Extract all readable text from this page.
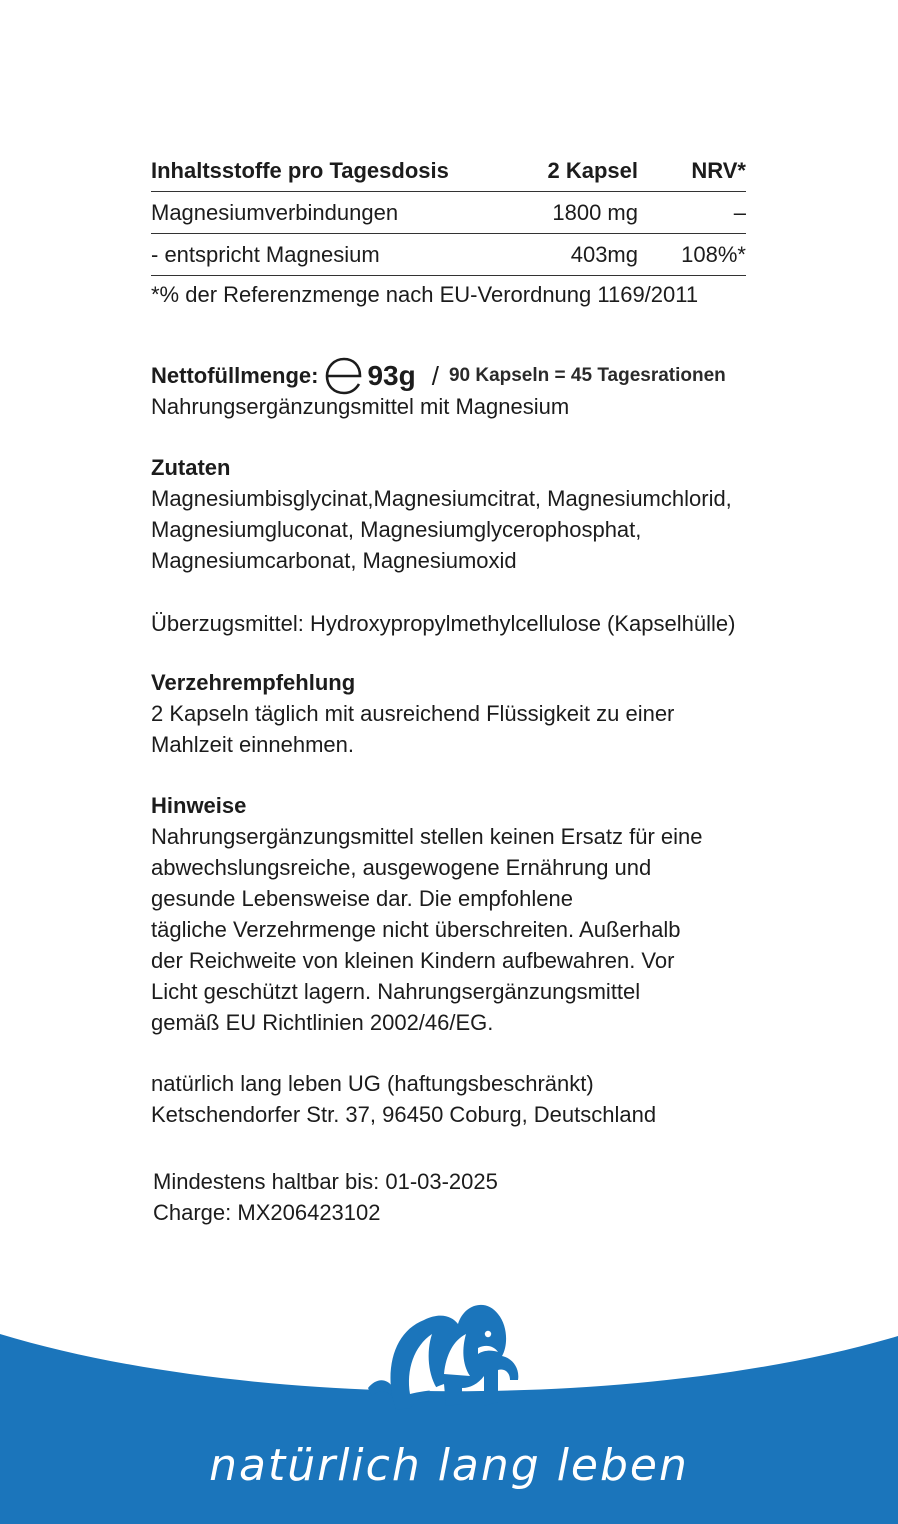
Inhaltsstoffe pro Tagesdosis	2 Kapsel	NRV*
Magnesiumverbindungen	1800 mg	–
- entspricht Magnesium	403mg	108%*
*% der Referenzmenge nach EU-Verordnung 1169/2011
Nettofüllmenge: 93g / 90 Kapseln = 45 Tagesrationen
Nahrungsergänzungsmittel mit Magnesium
Zutaten

Magnesiumbisglycinat,Magnesiumcitrat, Magnesiumchlorid,
Magnesiumgluconat, Magnesiumglycerophosphat,
Magnesiumcarbonat, Magnesiumoxid

Überzugsmittel: Hydroxypropylmethylcellulose (Kapselhülle)
Verzehrempfehlung

2 Kapseln täglich mit ausreichend Flüssigkeit zu einer
Mahlzeit einnehmen.

Hinweise

Nahrungsergänzungsmittel stellen keinen Ersatz für eine
abwechslungsreiche, ausgewogene Ernährung und
gesunde Lebensweise dar. Die empfohlene
tägliche Verzehrmenge nicht überschreiten. Außerhalb
der Reichweite von kleinen Kindern aufbewahren. Vor
Licht geschützt lagern. Nahrungsergänzungsmittel
gemäß EU Richtlinien 2002/46/EG.

natürlich lang leben UG (haftungsbeschränkt)
Ketschendorfer Str. 37, 96450 Coburg, Deutschland
Mindestens haltbar bis: 01-03-2025
Charge: MX206423102
natürlich lang leben
